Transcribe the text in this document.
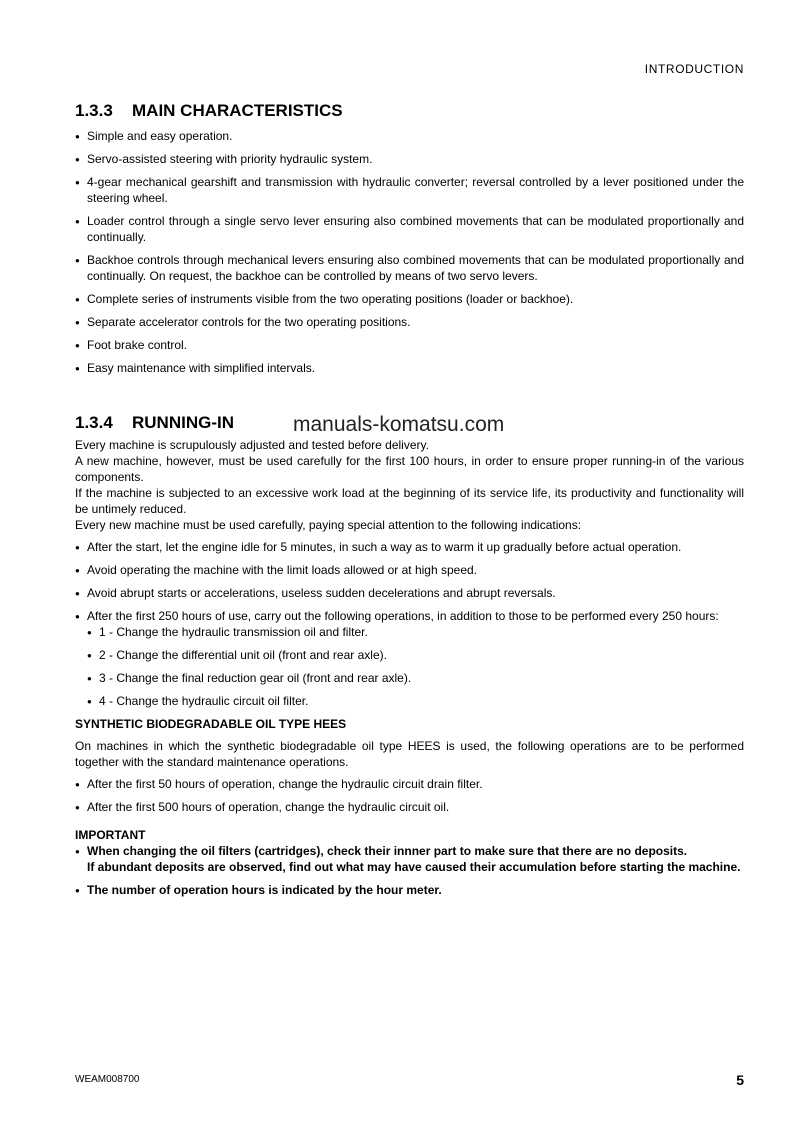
INTRODUCTION
1.3.3 MAIN CHARACTERISTICS
● Simple and easy operation.
● Servo-assisted steering with priority hydraulic system.
● 4-gear mechanical gearshift and transmission with hydraulic converter; reversal controlled by a lever positioned under the steering wheel.
● Loader control through a single servo lever ensuring also combined movements that can be modulated proportionally and continually.
● Backhoe controls through mechanical levers ensuring also combined movements that can be modulated proportionally and continually. On request, the backhoe can be controlled by means of two servo levers.
● Complete series of instruments visible from the two operating positions (loader or backhoe).
● Separate accelerator controls for the two operating positions.
● Foot brake control.
● Easy maintenance with simplified intervals.
1.3.4 RUNNING-IN

Every machine is scrupulously adjusted and tested before delivery.

A new machine, however, must be used carefully for the first 100 hours, in order to ensure proper running-in of the various components.

If the machine is subjected to an excessive work load at the beginning of its service life, its productivity and functionality will be untimely reduced.

Every new machine must be used carefully, paying special attention to the following indications:

● After the start, let the engine idle for 5 minutes, in such a way as to warm it up gradually before actual operation.
● Avoid operating the machine with the limit loads allowed or at high speed.
● Avoid abrupt starts or accelerations, useless sudden decelerations and abrupt reversals.
● After the first 250 hours of use, carry out the following operations, in addition to those to be performed every 250 hours:
● 1 - Change the hydraulic transmission oil and filter.
● 2 - Change the differential unit oil (front and rear axle).
● 3 - Change the final reduction gear oil (front and rear axle).
● 4 - Change the hydraulic circuit oil filter.
SYNTHETIC BIODEGRADABLE OIL TYPE HEES

On machines in which the synthetic biodegradable oil type HEES is used, the following operations are to be performed together with the standard maintenance operations.

● After the first 50 hours of operation, change the hydraulic circuit drain filter.
● After the first 500 hours of operation, change the hydraulic circuit oil.
IMPORTANT

● When changing the oil filters (cartridges), check their innner part to make sure that there are no deposits.

If abundant deposits are observed, find out what may have caused their accumulation before starting the machine.

● The number of operation hours is indicated by the hour meter.
manuals-komatsu.com
WEAM008700	5
